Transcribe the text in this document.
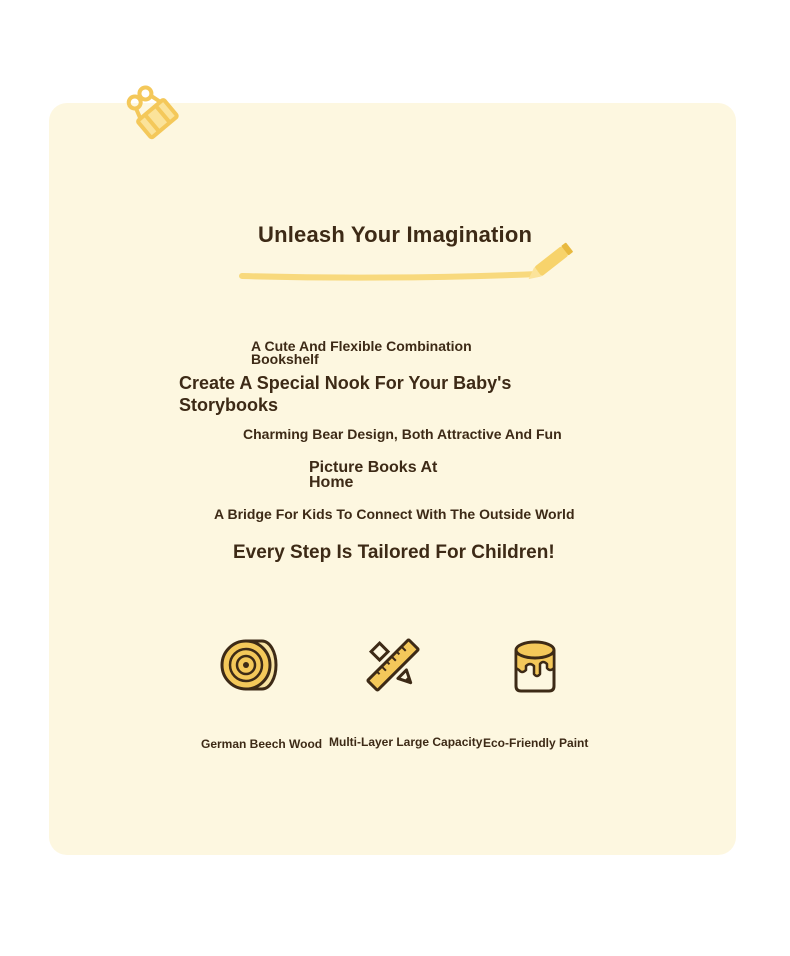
Unleash Your Imagination
A Cute And Flexible Combination Bookshelf
Create A Special Nook For Your Baby's Storybooks
Charming Bear Design, Both Attractive And Fun
Picture Books At Home
A Bridge For Kids To Connect With The Outside World
Every Step Is Tailored For Children!
German Beech Wood Multi-Layer Large Capacity Eco-Friendly Paint
